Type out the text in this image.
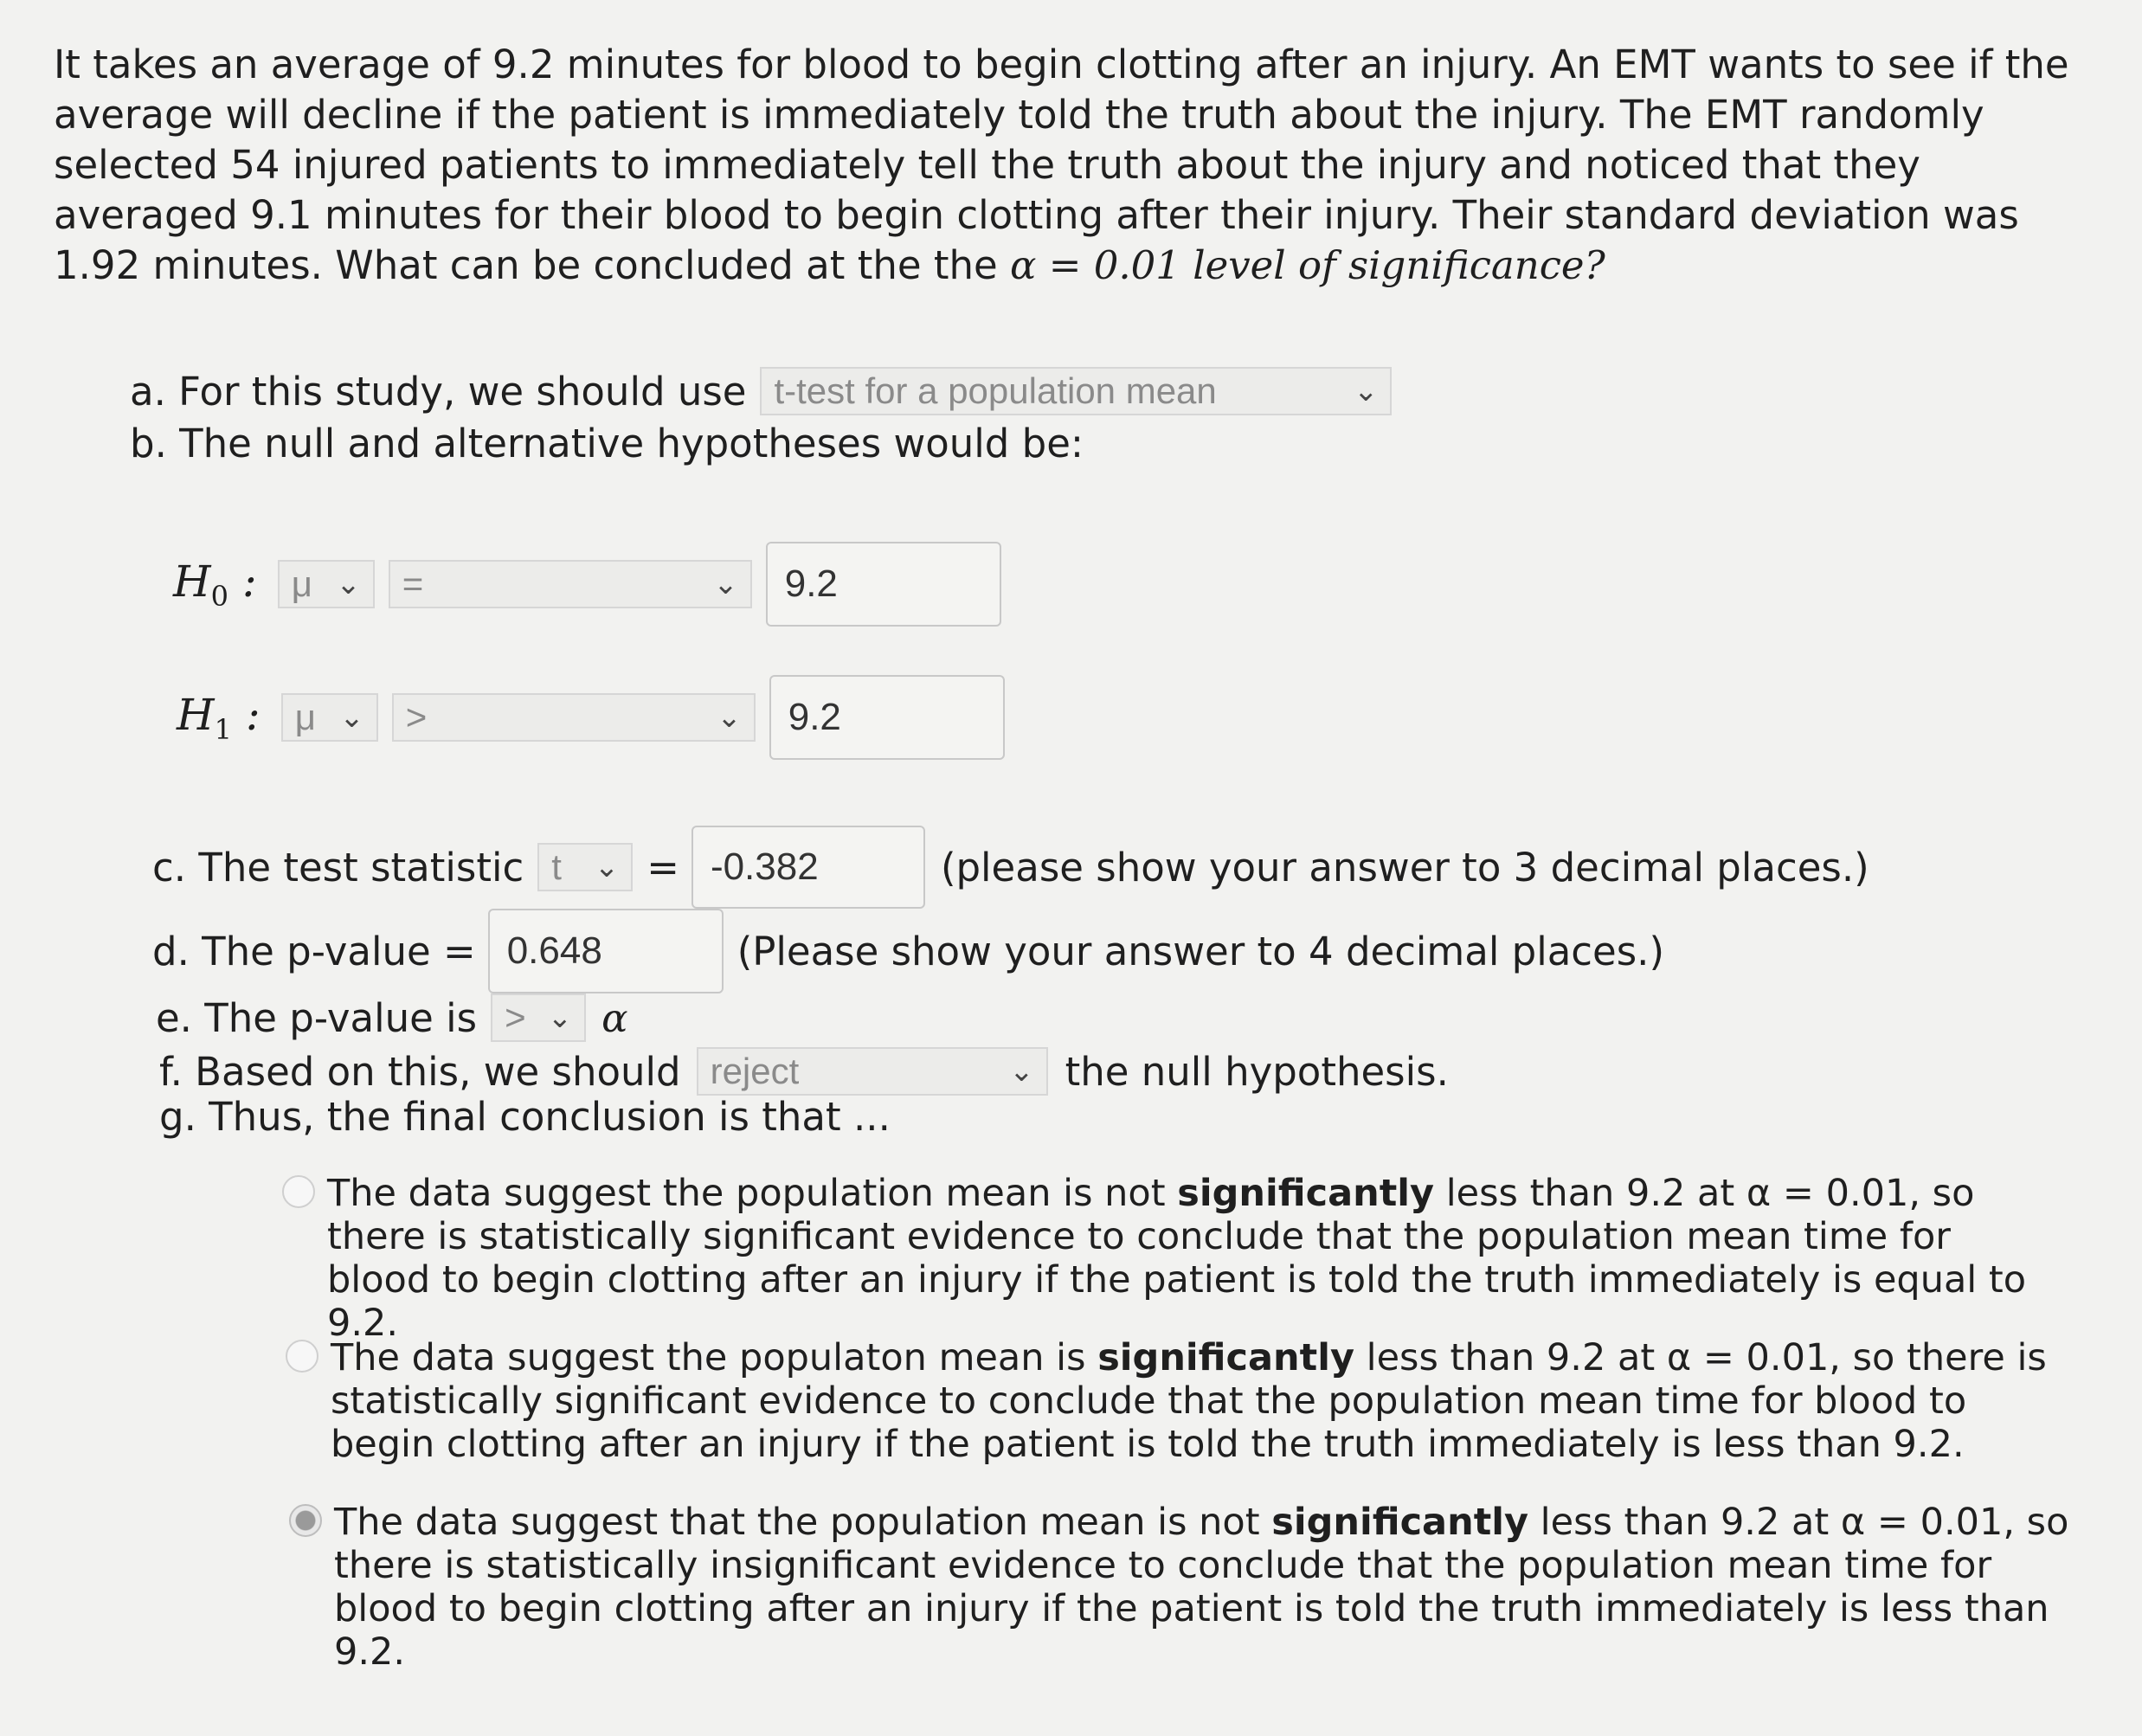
It takes an average of 9.2 minutes for blood to begin clotting after an injury. An EMT wants to see if the average will decline if the patient is immediately told the truth about the injury. The EMT randomly selected 54 injured patients to immediately tell the truth about the injury and noticed that they averaged 9.1 minutes for their blood to begin clotting after their injury. Their standard deviation was 1.92 minutes. What can be concluded at the the α = 0.01 level of significance?
a. For this study, we should use t-test for a population mean	⌄
b. The null and alternative hypotheses would be:
$H_0$ : μ ⌄ =	⌄	9.2
$H_1$ : μ ⌄ >	⌄	9.2
c. The test statistic t ⌄ = -0.382	(please show your answer to 3 decimal places.)
d. The p-value = 0.648	(Please show your answer to 4 decimal places.)
e. The p-value is > ⌄ α
f. Based on this, we should reject	⌄ the null hypothesis.
g. Thus, the final conclusion is that ...
The data suggest the population mean is not significantly less than 9.2 at α = 0.01, so there is statistically significant evidence to conclude that the population mean time for blood to begin clotting after an injury if the patient is told the truth immediately is equal to 9.2.
The data suggest the populaton mean is significantly less than 9.2 at α = 0.01, so there is statistically significant evidence to conclude that the population mean time for blood to begin clotting after an injury if the patient is told the truth immediately is less than 9.2.
The data suggest that the population mean is not significantly less than 9.2 at α = 0.01, so there is statistically insignificant evidence to conclude that the population mean time for blood to begin clotting after an injury if the patient is told the truth immediately is less than 9.2.
